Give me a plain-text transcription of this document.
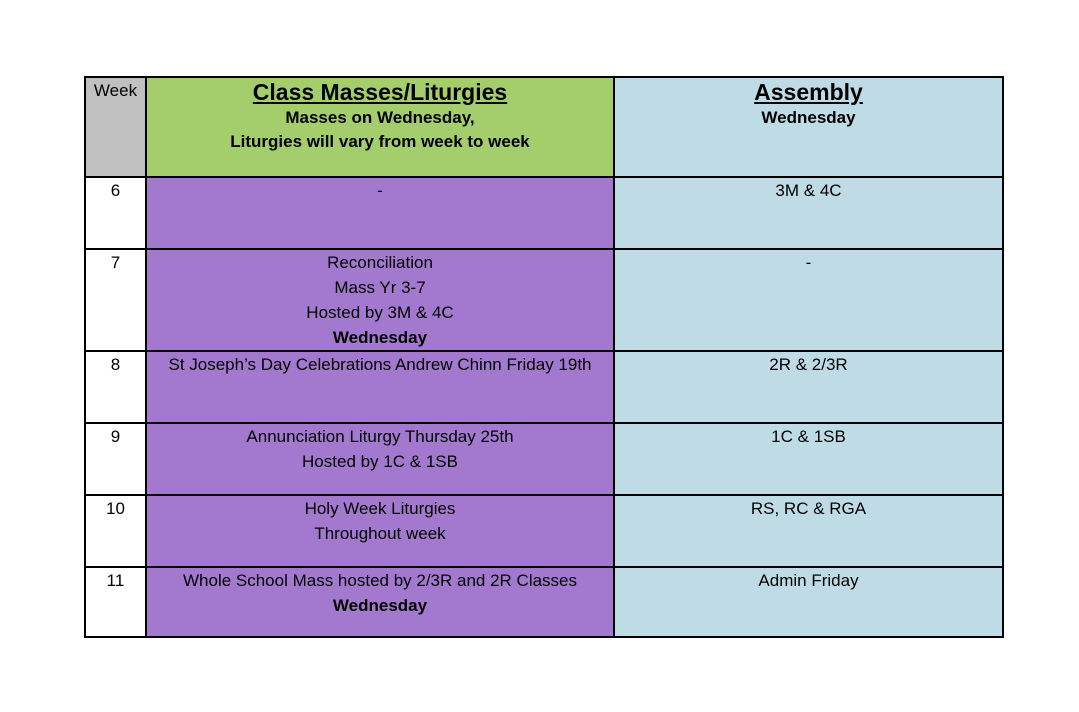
Week	Class Masses/Liturgies
Masses on Wednesday,
Liturgies will vary from week to week	Assembly
Wednesday

6	-	3M & 4C
7	Reconciliation
Mass Yr 3-7
Hosted by 3M & 4C
Wednesday	-
8	St Joseph’s Day Celebrations Andrew Chinn Friday 19th	2R & 2/3R
9	Annunciation Liturgy Thursday 25th
Hosted by 1C & 1SB	1C & 1SB
10	Holy Week Liturgies
Throughout week	RS, RC & RGA
11	Whole School Mass hosted by 2/3R and 2R Classes
Wednesday	Admin Friday
